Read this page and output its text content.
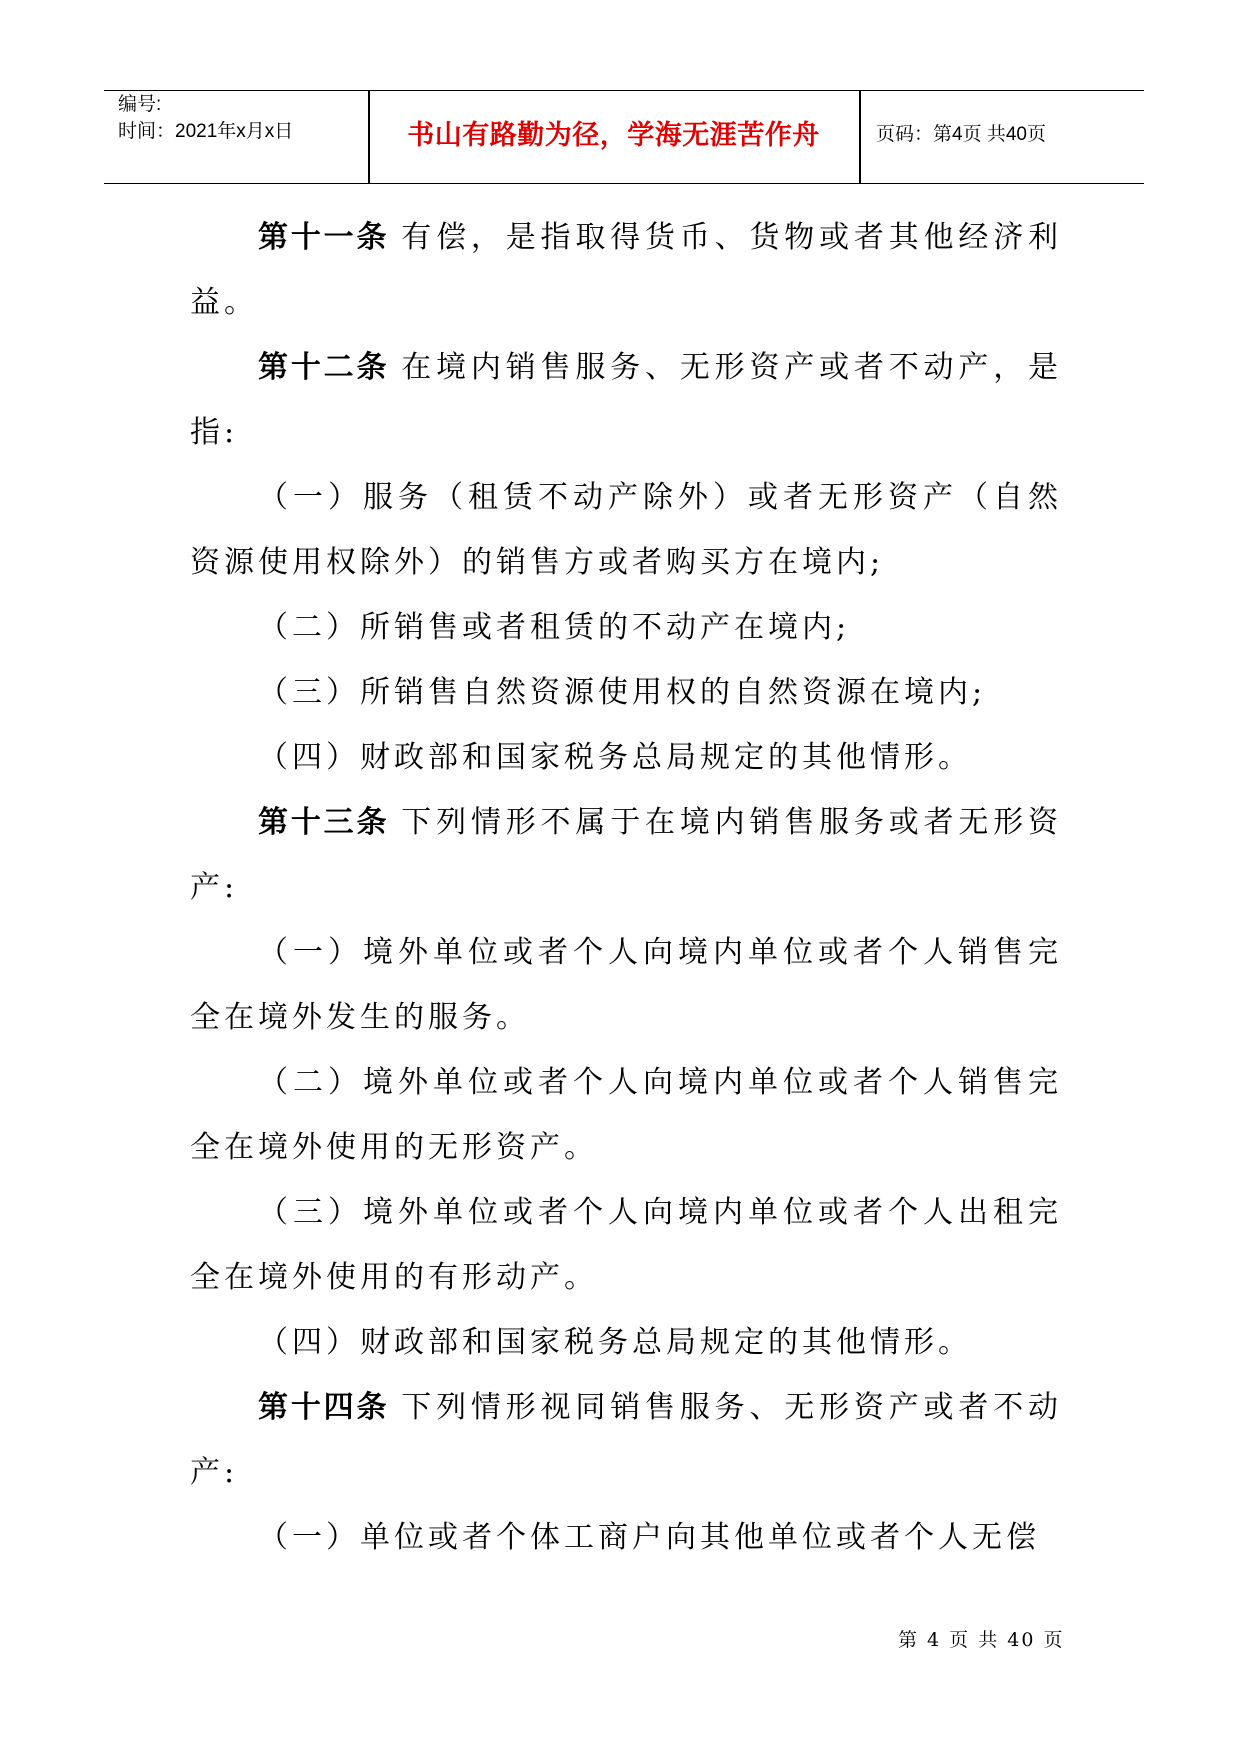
编号:
时间：2021年x月x日	书山有路勤为径，学海无涯苦作舟	页码：第4页 共40页

第十一条 有偿，是指取得货币、货物或者其他经济利益。

第十二条 在境内销售服务、无形资产或者不动产，是指:

（一）服务（租赁不动产除外）或者无形资产（自然资源使用权除外）的销售方或者购买方在境内;

（二）所销售或者租赁的不动产在境内;

（三）所销售自然资源使用权的自然资源在境内;

（四）财政部和国家税务总局规定的其他情形。

第十三条 下列情形不属于在境内销售服务或者无形资产:

（一）境外单位或者个人向境内单位或者个人销售完全在境外发生的服务。

（二）境外单位或者个人向境内单位或者个人销售完全在境外使用的无形资产。

（三）境外单位或者个人向境内单位或者个人出租完全在境外使用的有形动产。

（四）财政部和国家税务总局规定的其他情形。

第十四条 下列情形视同销售服务、无形资产或者不动产:

（一）单位或者个体工商户向其他单位或者个人无偿

第 4 页 共 40 页
